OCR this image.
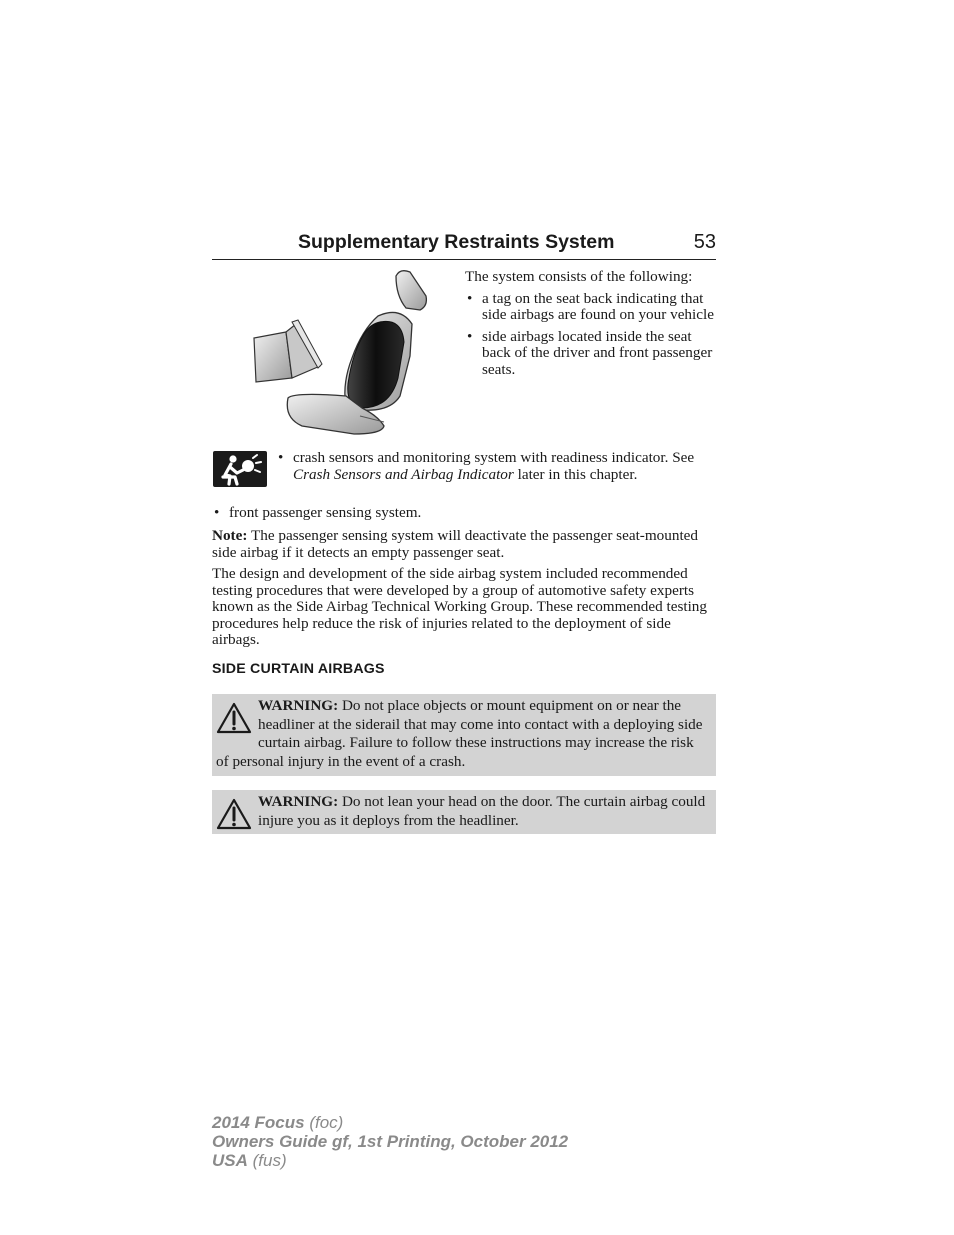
Supplementary Restraints System	53

The system consists of the following:

• a tag on the seat back indicating that side airbags are found on your vehicle
• side airbags located inside the seat back of the driver and front passenger seats.
• crash sensors and monitoring system with readiness indicator. See Crash Sensors and Airbag Indicator later in this chapter.
• front passenger sensing system.

Note: The passenger sensing system will deactivate the passenger seat-mounted side airbag if it detects an empty passenger seat.

The design and development of the side airbag system included recommended testing procedures that were developed by a group of automotive safety experts known as the Side Airbag Technical Working Group. These recommended testing procedures help reduce the risk of injuries related to the deployment of side airbags.

SIDE CURTAIN AIRBAGS
WARNING: Do not place objects or mount equipment on or near the headliner at the siderail that may come into contact with a deploying side curtain airbag. Failure to follow these instructions may increase the risk of personal injury in the event of a crash.
WARNING: Do not lean your head on the door. The curtain airbag could injure you as it deploys from the headliner.
2014 Focus (foc)
Owners Guide gf, 1st Printing, October 2012
USA (fus)
